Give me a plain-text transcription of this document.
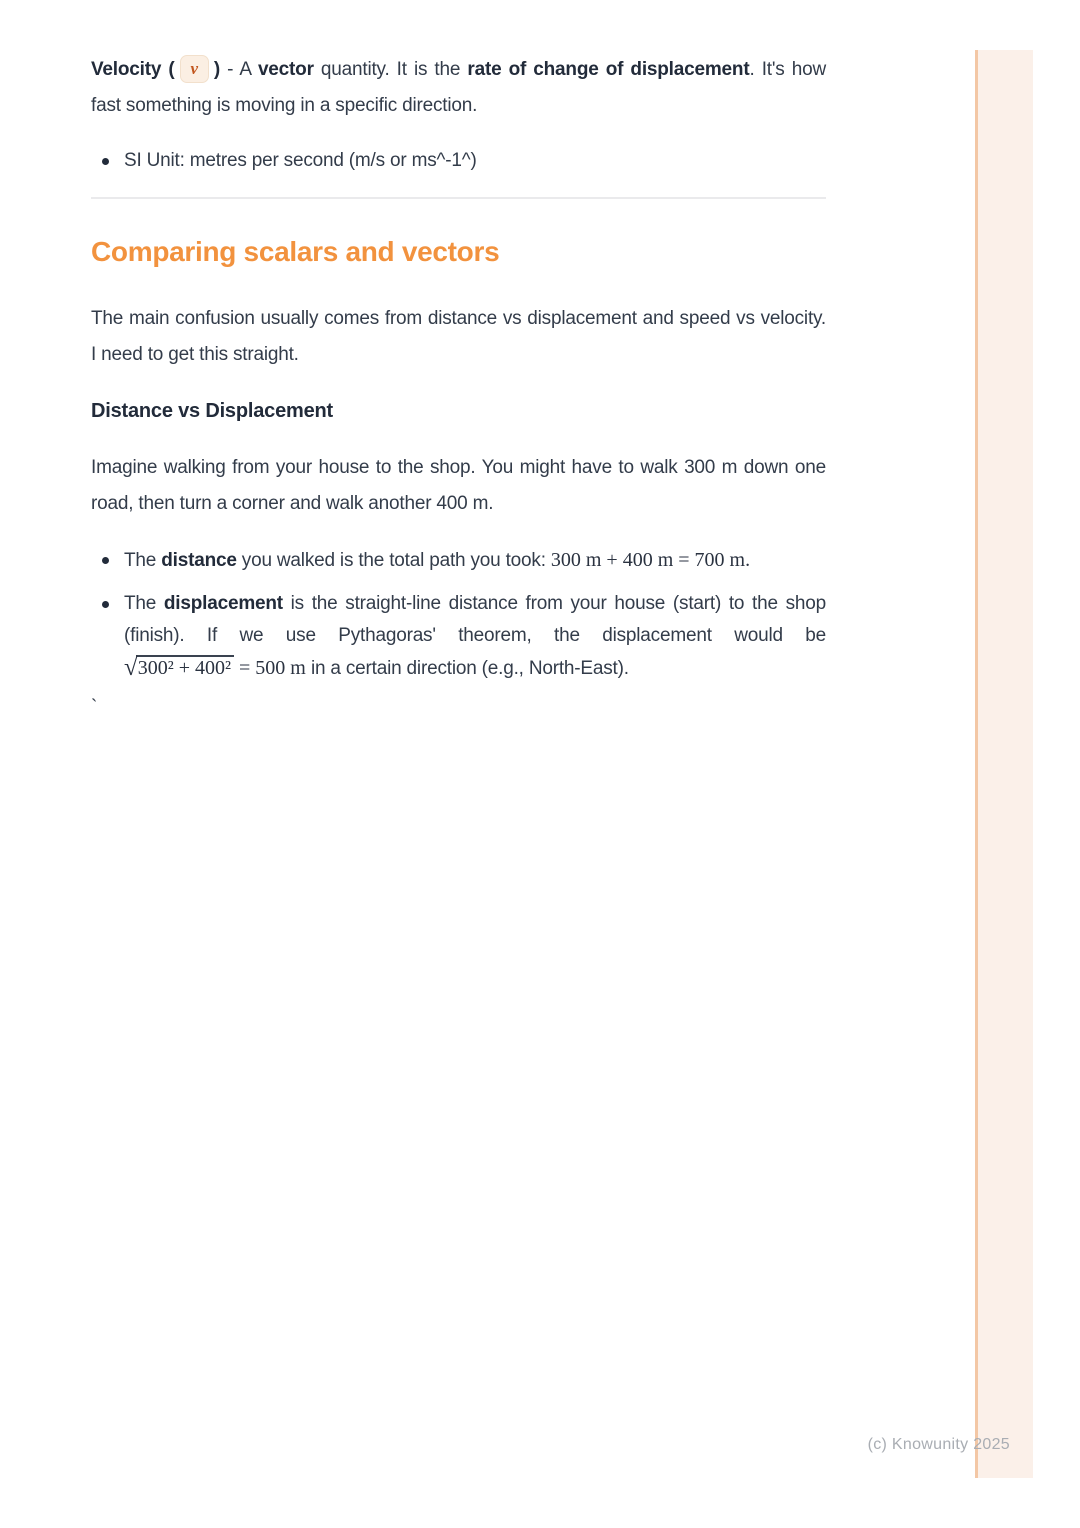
Velocity ( v ) - A vector quantity. It is the rate of change of displacement. It's how fast something is moving in a specific direction.

SI Unit: metres per second (m/s or ms^-1^)
Comparing scalars and vectors

The main confusion usually comes from distance vs displacement and speed vs velocity. I need to get this straight.

Distance vs Displacement

Imagine walking from your house to the shop. You might have to walk 300 m down one road, then turn a corner and walk another 400 m.

The distance you walked is the total path you took: 300 m + 400 m = 700 m.
The displacement is the straight-line distance from your house (start) to the shop (finish). If we use Pythagoras' theorem, the displacement would be √300² + 400² = 500 m in a certain direction (e.g., North-East).

`

(c) Knowunity 2025
